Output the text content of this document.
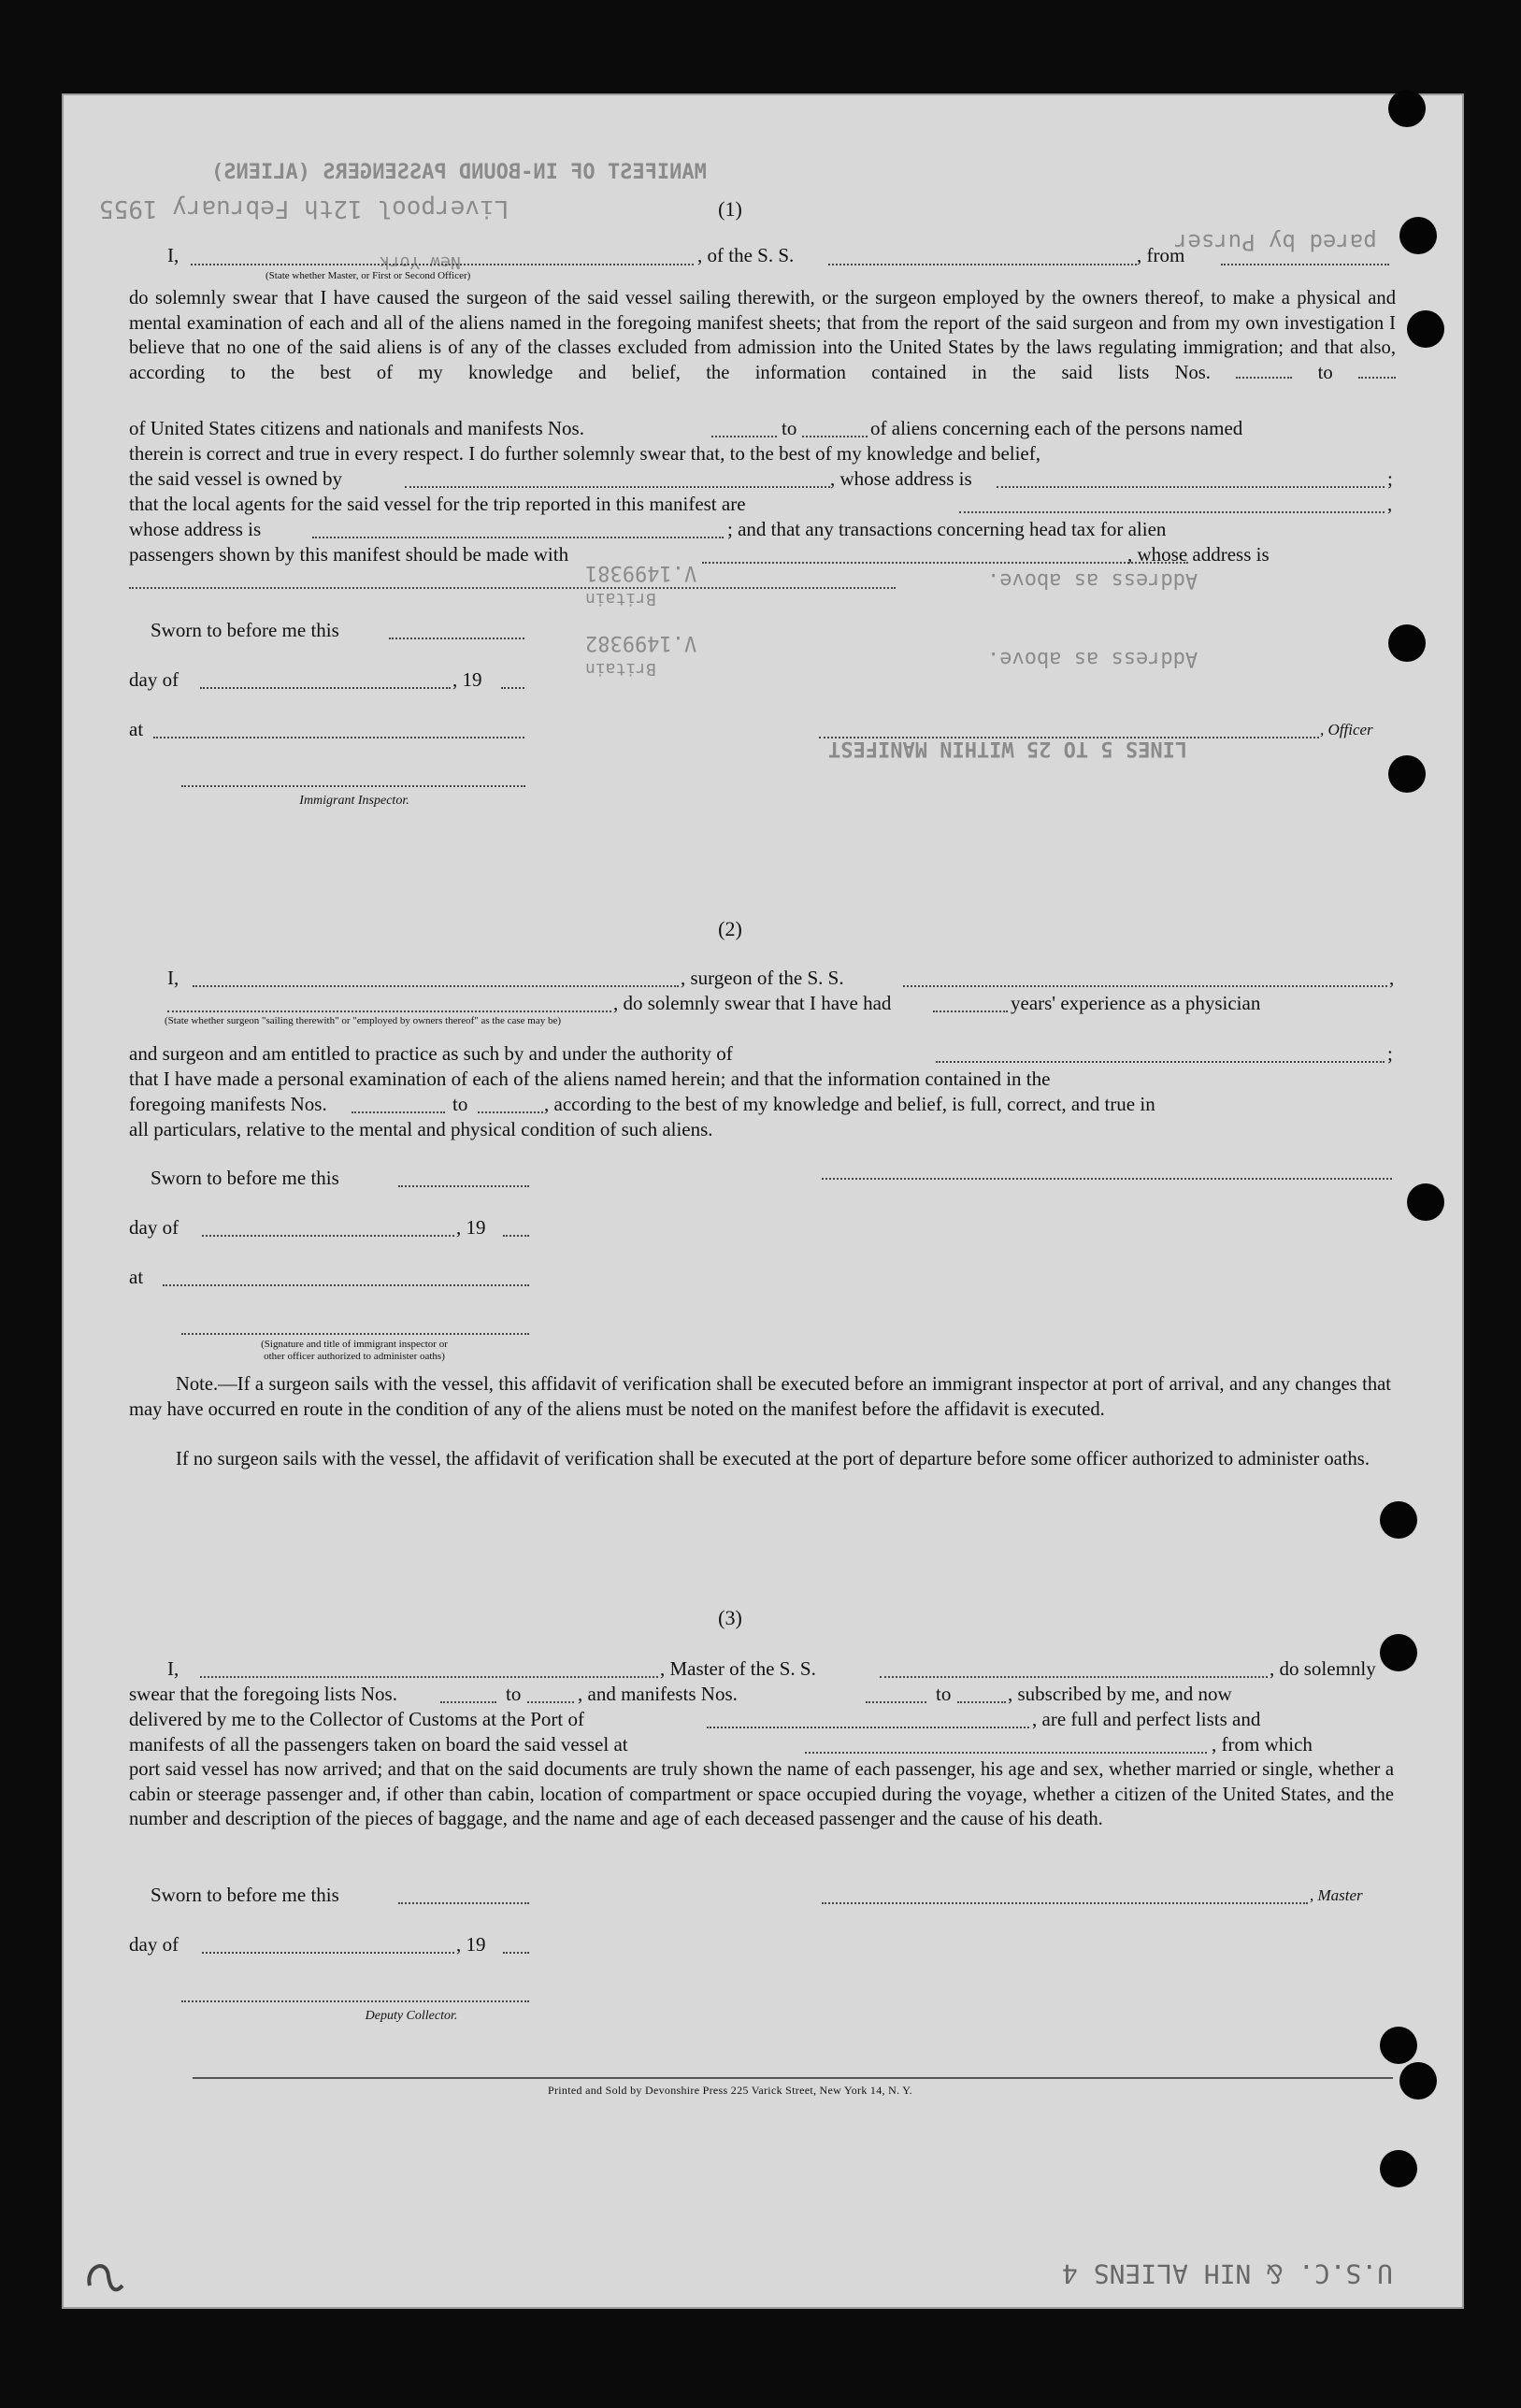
MANIFEST OF IN-BOUND PASSENGERS (ALIENS)
Liverpool 12th February 1955
pared by Purser
New York
Address as above.
Address as above.
Britain
Britain
V.1499381
V.1499382
LINES 5 TO 25 WITHIN MANIFEST
U.S.C. & NIH ALIENS 4
(1)
I,	, of the S. S.	, from
(State whether Master, or First or Second Officer)
do solemnly swear that I have caused the surgeon of the said vessel sailing therewith, or the surgeon employed by the owners thereof, to make a physical and mental examination of each and all of the aliens named in the foregoing manifest sheets; that from the report of the said surgeon and from my own investigation I believe that no one of the said aliens is of any of the classes excluded from admission into the United States by the laws regulating immigration; and that also, according to the best of my knowledge and belief, the information contained in the said lists Nos.	to
of United States citizens and nationals and manifests Nos.	to	of aliens concerning each of the persons named
therein is correct and true in every respect. I do further solemnly swear that, to the best of my knowledge and belief,
the said vessel is owned by	, whose address is	;
that the local agents for the said vessel for the trip reported in this manifest are	,
whose address is	; and that any transactions concerning head tax for alien
passengers shown by this manifest should be made with	, whose address is
Sworn to before me this
day of	, 19
at	, Officer
Immigrant Inspector.
(2)
I,	, surgeon of the S. S.	,
, do solemnly swear that I have had	years' experience as a physician
(State whether surgeon "sailing therewith" or "employed by owners thereof" as the case may be)
and surgeon and am entitled to practice as such by and under the authority of	;
that I have made a personal examination of each of the aliens named herein; and that the information contained in the
foregoing manifests Nos.	to	, according to the best of my knowledge and belief, is full, correct, and true in
all particulars, relative to the mental and physical condition of such aliens.
Sworn to before me this
day of	, 19
at
(Signature and title of immigrant inspector or
other officer authorized to administer oaths)
Note.—If a surgeon sails with the vessel, this affidavit of verification shall be executed before an immigrant inspector at port of arrival, and any changes that may have occurred en route in the condition of any of the aliens must be noted on the manifest before the affidavit is executed.
If no surgeon sails with the vessel, the affidavit of verification shall be executed at the port of departure before some officer authorized to administer oaths.
(3)
I,	, Master of the S. S.	, do solemnly
swear that the foregoing lists Nos.	to	, and manifests Nos.	to	, subscribed by me, and now
delivered by me to the Collector of Customs at the Port of	, are full and perfect lists and
manifests of all the passengers taken on board the said vessel at	, from which
port said vessel has now arrived; and that on the said documents are truly shown the name of each passenger, his age and sex, whether married or single, whether a cabin or steerage passenger and, if other than cabin, location of compartment or space occupied during the voyage, whether a citizen of the United States, and the number and description of the pieces of baggage, and the name and age of each deceased passenger and the cause of his death.
Sworn to before me this	, Master
day of	, 19
Deputy Collector.
Printed and Sold by Devonshire Press 225 Varick Street, New York 14, N. Y.
